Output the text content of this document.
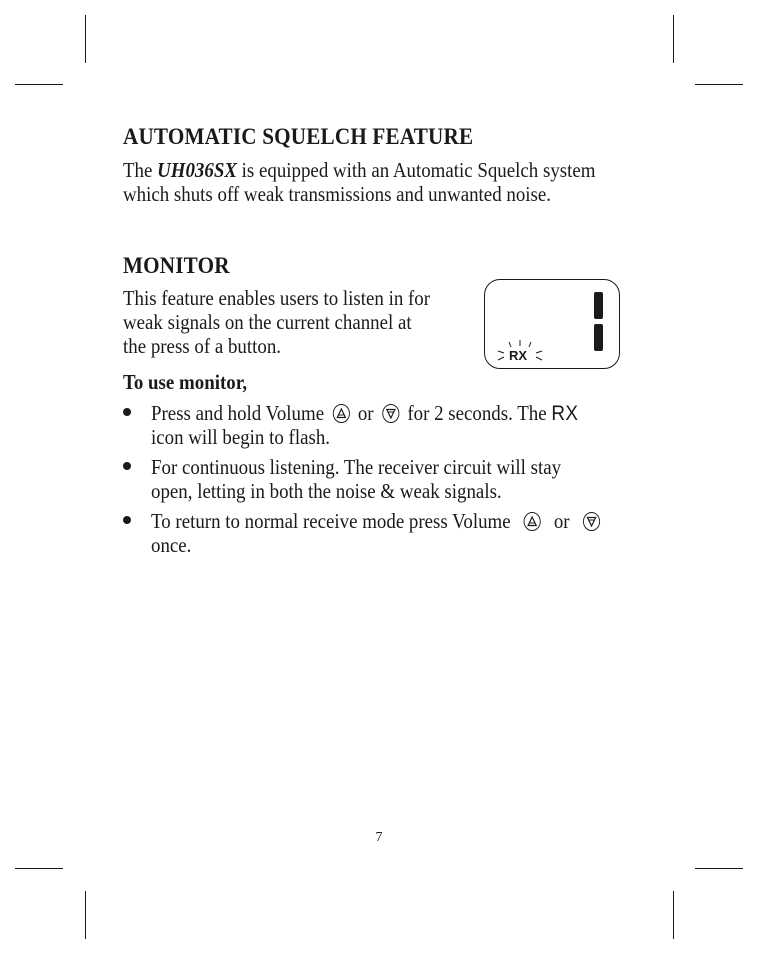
AUTOMATIC SQUELCH FEATURE

The UH036SX is equipped with an Automatic Squelch system

which shuts off weak transmissions and unwanted noise.

MONITOR

This feature enables users to listen in for

weak signals on the current channel at

the press of a button.

To use monitor,

Press and hold Volume or for 2 seconds. The RX

icon will begin to flash.

For continuous listening. The receiver circuit will stay

open, letting in both the noise & weak signals.

To return to normal receive mode press Volume or

once.

RX
7
